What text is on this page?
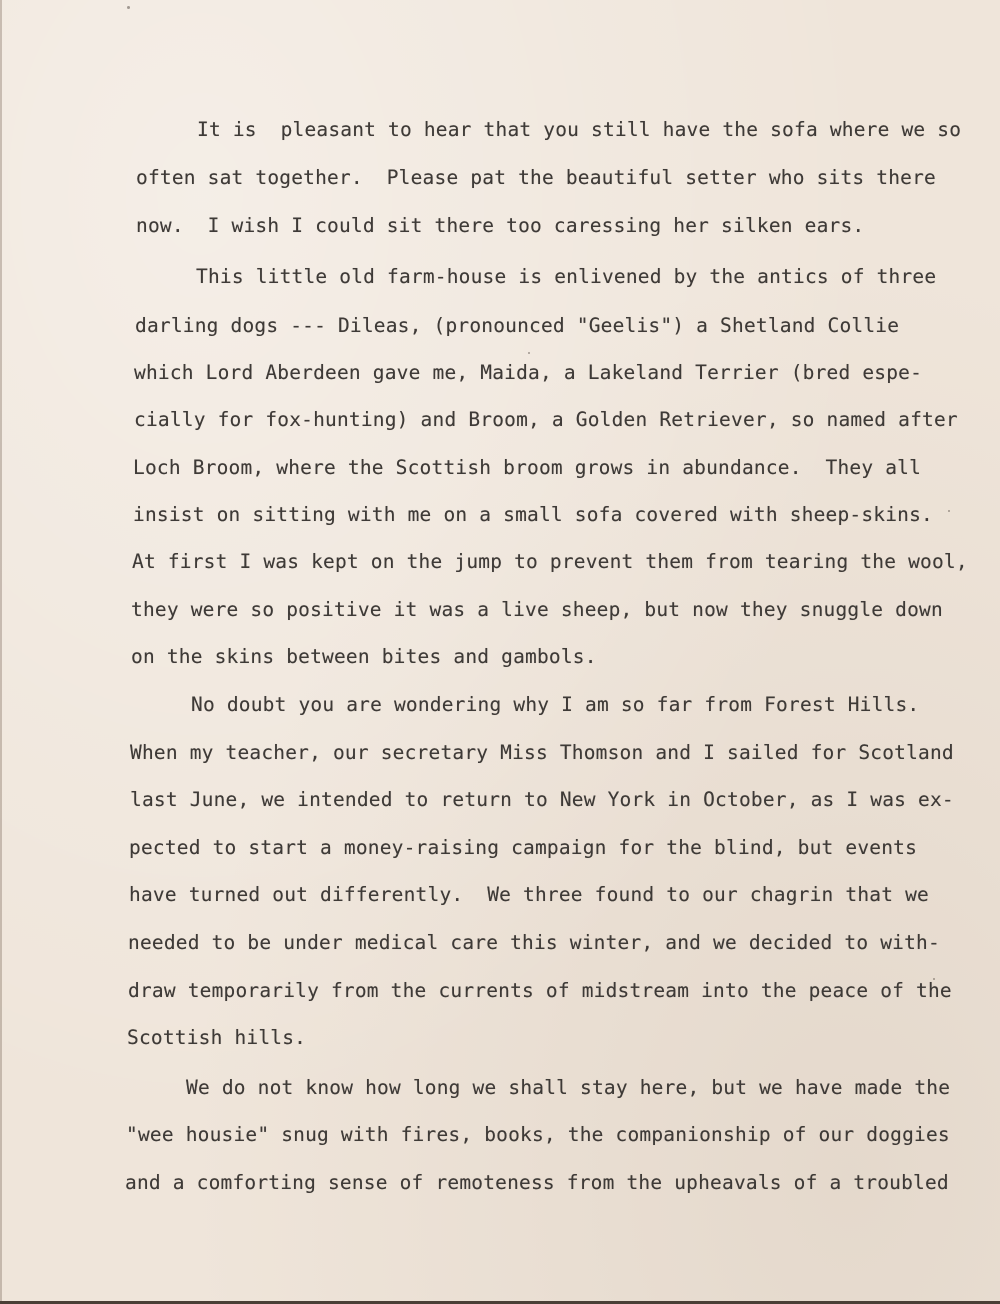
It is  pleasant to hear that you still have the sofa where we so

often sat together.  Please pat the beautiful setter who sits there

now.  I wish I could sit there too caressing her silken ears.

This little old farm-house is enlivened by the antics of three

darling dogs --- Dileas, (pronounced "Geelis") a Shetland Collie

which Lord Aberdeen gave me, Maida, a Lakeland Terrier (bred espe-

cially for fox-hunting) and Broom, a Golden Retriever, so named after

Loch Broom, where the Scottish broom grows in abundance.  They all

insist on sitting with me on a small sofa covered with sheep-skins.

At first I was kept on the jump to prevent them from tearing the wool,

they were so positive it was a live sheep, but now they snuggle down

on the skins between bites and gambols.

No doubt you are wondering why I am so far from Forest Hills.

When my teacher, our secretary Miss Thomson and I sailed for Scotland

last June, we intended to return to New York in October, as I was ex-

pected to start a money-raising campaign for the blind, but events

have turned out differently.  We three found to our chagrin that we

needed to be under medical care this winter, and we decided to with-

draw temporarily from the currents of midstream into the peace of the

Scottish hills.

We do not know how long we shall stay here, but we have made the

"wee housie" snug with fires, books, the companionship of our doggies

and a comforting sense of remoteness from the upheavals of a troubled
